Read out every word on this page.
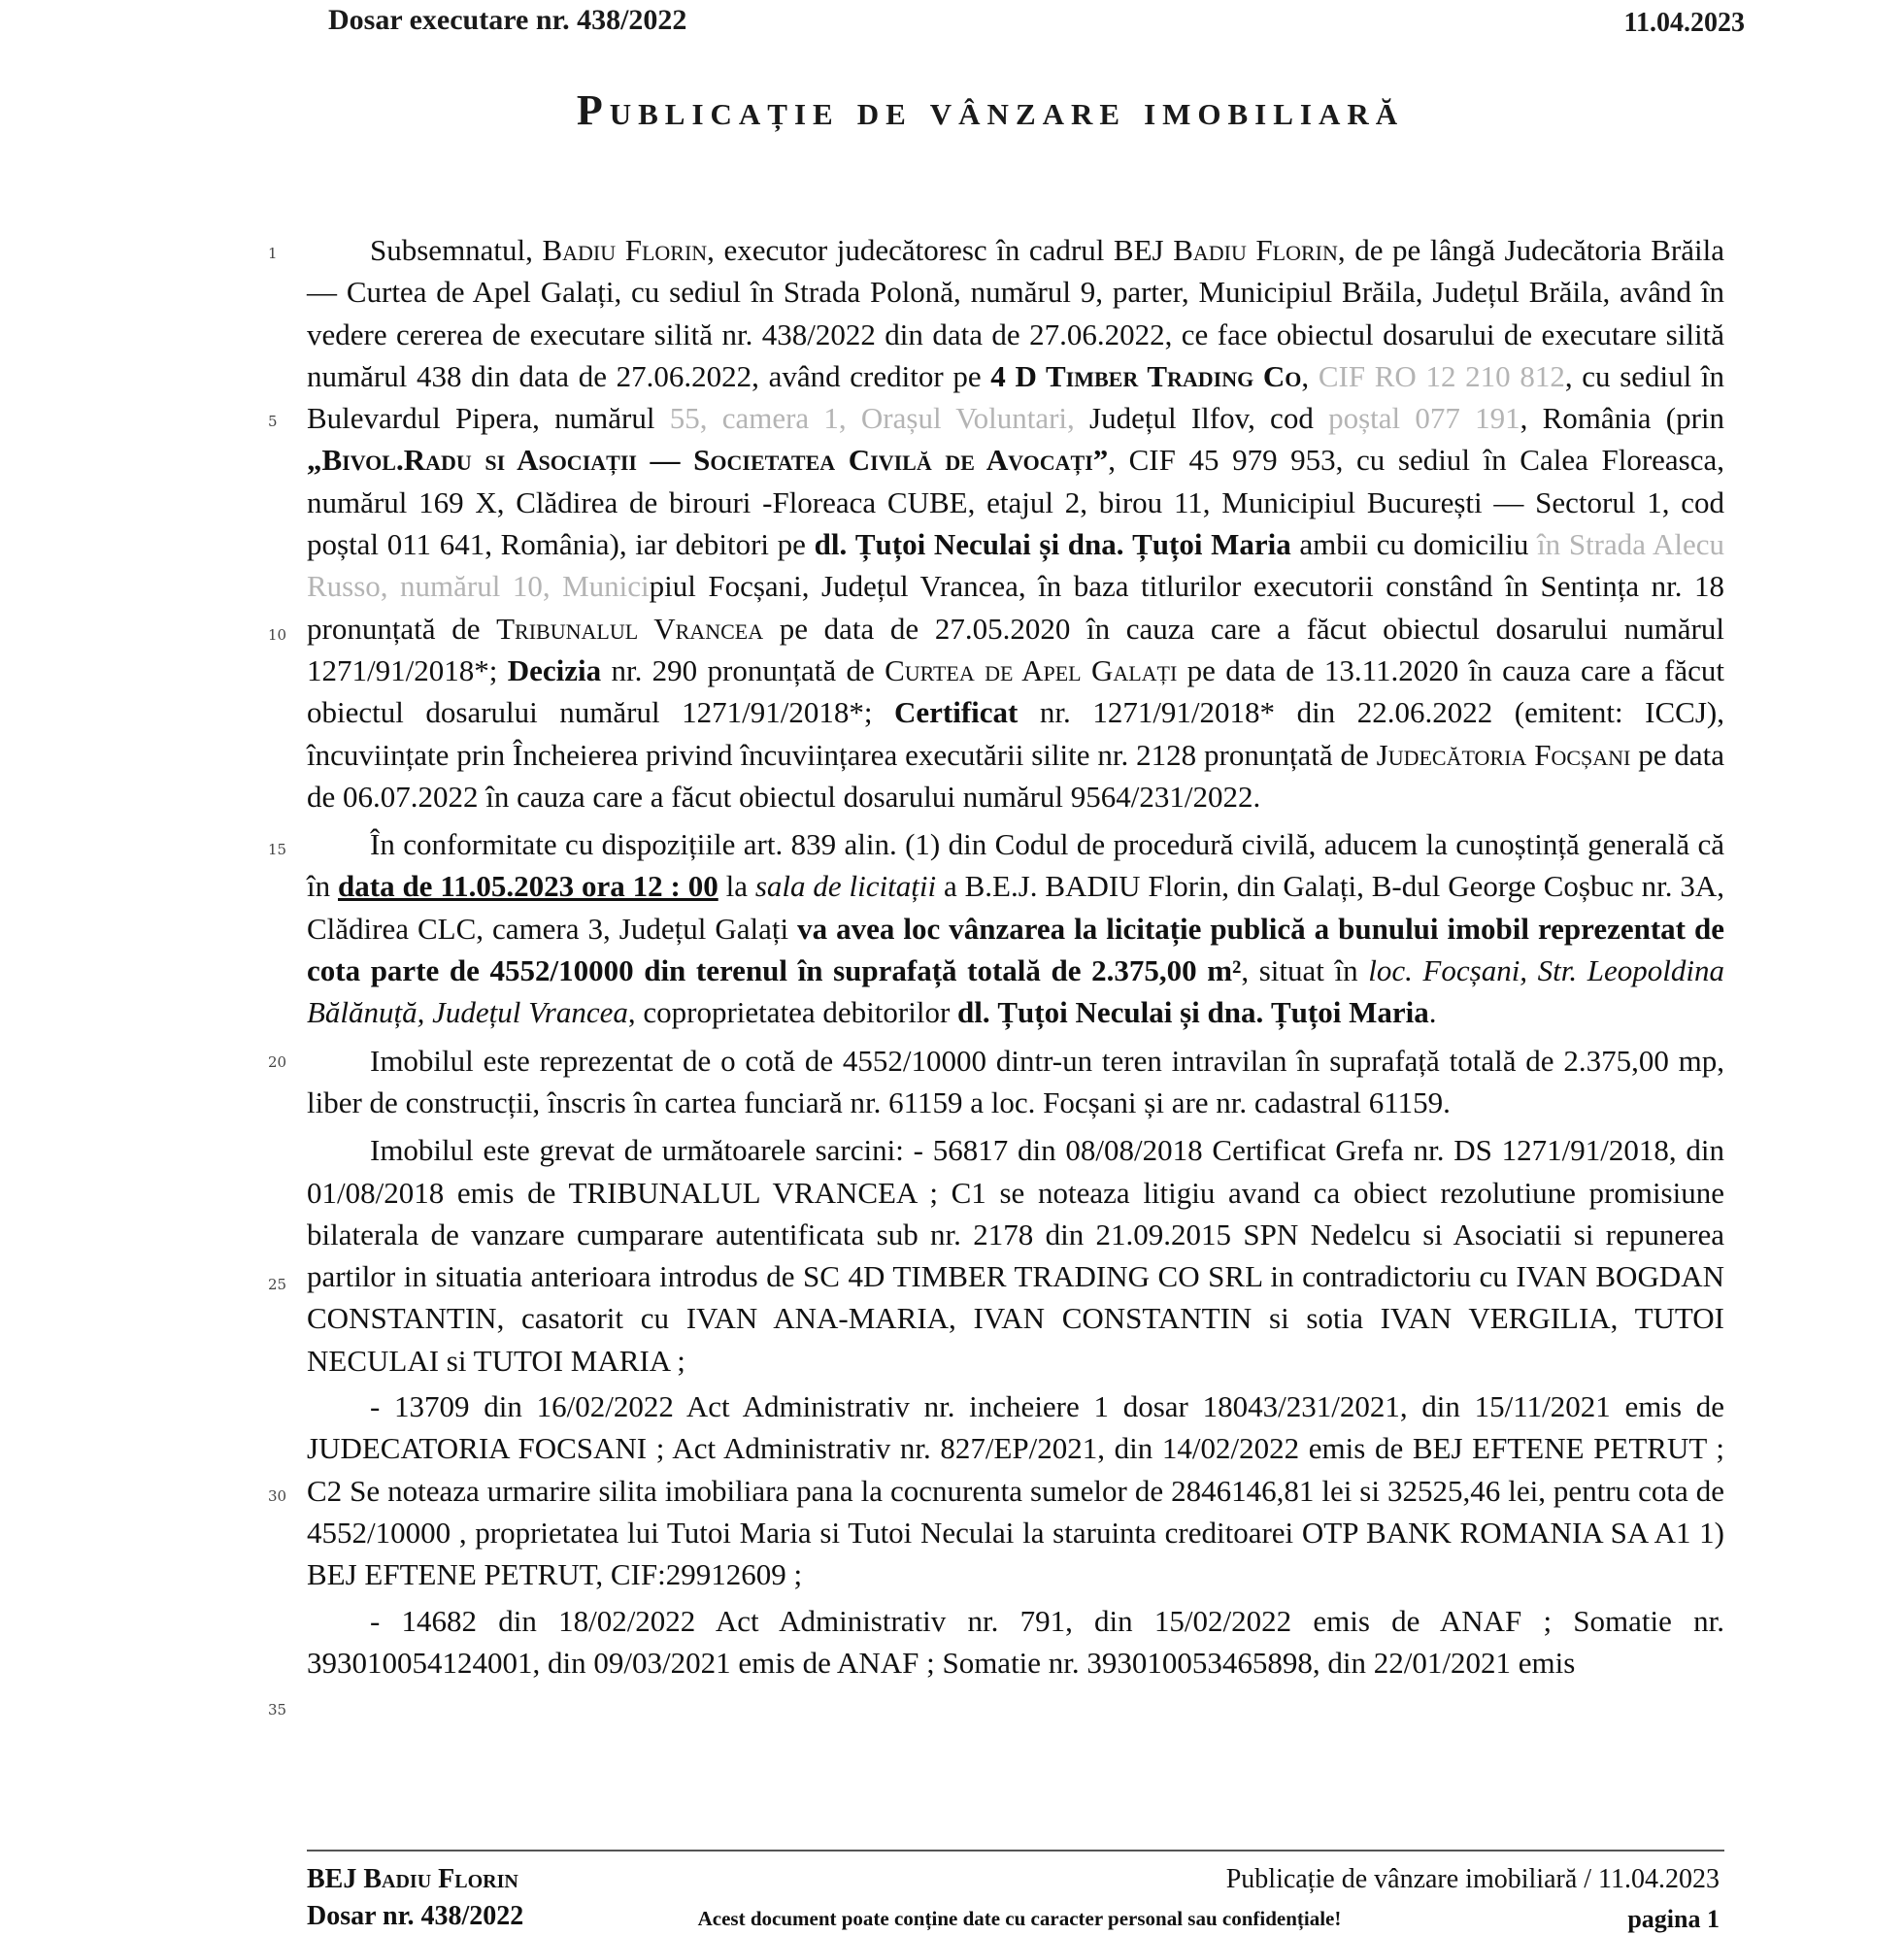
Dosar executare nr. 438/2022	11.04.2023
Publicație de vânzare imobiliară
1
5
10
15
20
25
30
35

Subsemnatul, Badiu Florin, executor judecătoresc în cadrul BEJ Badiu Florin, de pe lângă Judecătoria Brăila — Curtea de Apel Galați, cu sediul în Strada Polonă, numărul 9, parter, Municipiul Brăila, Județul Brăila, având în vedere cererea de executare silită nr. 438/2022 din data de 27.06.2022, ce face obiectul dosarului de executare silită numărul 438 din data de 27.06.2022, având creditor pe 4 D Timber Trading Co, CIF RO 12 210 812, cu sediul în Bulevardul Pipera, numărul 55, camera 1, Orașul Voluntari, Județul Ilfov, cod poștal 077 191, România (prin „Bivol.Radu si Asociații — Societatea Civilă de Avocați”, CIF 45 979 953, cu sediul în Calea Floreasca, numărul 169 X, Clădirea de birouri -Floreaca CUBE, etajul 2, birou 11, Municipiul București — Sectorul 1, cod poștal 011 641, România), iar debitori pe dl. Țuțoi Neculai și dna. Țuțoi Maria ambii cu domiciliu în Strada Alecu Russo, numărul 10, Municipiul Focșani, Județul Vrancea, în baza titlurilor executorii constând în Sentința nr. 18 pronunțată de Tribunalul Vrancea pe data de 27.05.2020 în cauza care a făcut obiectul dosarului numărul 1271/91/2018*; Decizia nr. 290 pronunțată de Curtea de Apel Galați pe data de 13.11.2020 în cauza care a făcut obiectul dosarului numărul 1271/91/2018*; Certificat nr. 1271/91/2018* din 22.06.2022 (emitent: ICCJ), încuviințate prin Încheierea privind încuviințarea executării silite nr. 2128 pronunțată de Judecătoria Focșani pe data de 06.07.2022 în cauza care a făcut obiectul dosarului numărul 9564/231/2022.

În conformitate cu dispozițiile art. 839 alin. (1) din Codul de procedură civilă, aducem la cunoștință generală că în data de 11.05.2023 ora 12 : 00 la sala de licitații a B.E.J. BADIU Florin, din Galați, B-dul George Coșbuc nr. 3A, Clădirea CLC, camera 3, Județul Galați va avea loc vânzarea la licitație publică a bunului imobil reprezentat de cota parte de 4552/10000 din terenul în suprafață totală de 2.375,00 m², situat în loc. Focșani, Str. Leopoldina Bălănuță, Județul Vrancea, coproprietatea debitorilor dl. Țuțoi Neculai și dna. Țuțoi Maria.

Imobilul este reprezentat de o cotă de 4552/10000 dintr-un teren intravilan în suprafață totală de 2.375,00 mp, liber de construcții, înscris în cartea funciară nr. 61159 a loc. Focșani și are nr. cadastral 61159.

Imobilul este grevat de următoarele sarcini: - 56817 din 08/08/2018 Certificat Grefa nr. DS 1271/91/2018, din 01/08/2018 emis de TRIBUNALUL VRANCEA ; C1 se noteaza litigiu avand ca obiect rezolutiune promisiune bilaterala de vanzare cumparare autentificata sub nr. 2178 din 21.09.2015 SPN Nedelcu si Asociatii si repunerea partilor in situatia anterioara introdus de SC 4D TIMBER TRADING CO SRL in contradictoriu cu IVAN BOGDAN CONSTANTIN, casatorit cu IVAN ANA-MARIA, IVAN CONSTANTIN si sotia IVAN VERGILIA, TUTOI NECULAI si TUTOI MARIA ;

- 13709 din 16/02/2022 Act Administrativ nr. incheiere 1 dosar 18043/231/2021, din 15/11/2021 emis de JUDECATORIA FOCSANI ; Act Administrativ nr. 827/EP/2021, din 14/02/2022 emis de BEJ EFTENE PETRUT ; C2 Se noteaza urmarire silita imobiliara pana la cocnurenta sumelor de 2846146,81 lei si 32525,46 lei, pentru cota de 4552/10000 , proprietatea lui Tutoi Maria si Tutoi Neculai la staruinta creditoarei OTP BANK ROMANIA SA A1 1) BEJ EFTENE PETRUT, CIF:29912609 ;

- 14682 din 18/02/2022 Act Administrativ nr. 791, din 15/02/2022 emis de ANAF ; Somatie nr. 393010054124001, din 09/03/2021 emis de ANAF ; Somatie nr. 393010053465898, din 22/01/2021 emis

BEJ Badiu Florin	Publicație de vânzare imobiliară / 11.04.2023
Dosar nr. 438/2022	Acest document poate conține date cu caracter personal sau confidențiale!	pagina 1
